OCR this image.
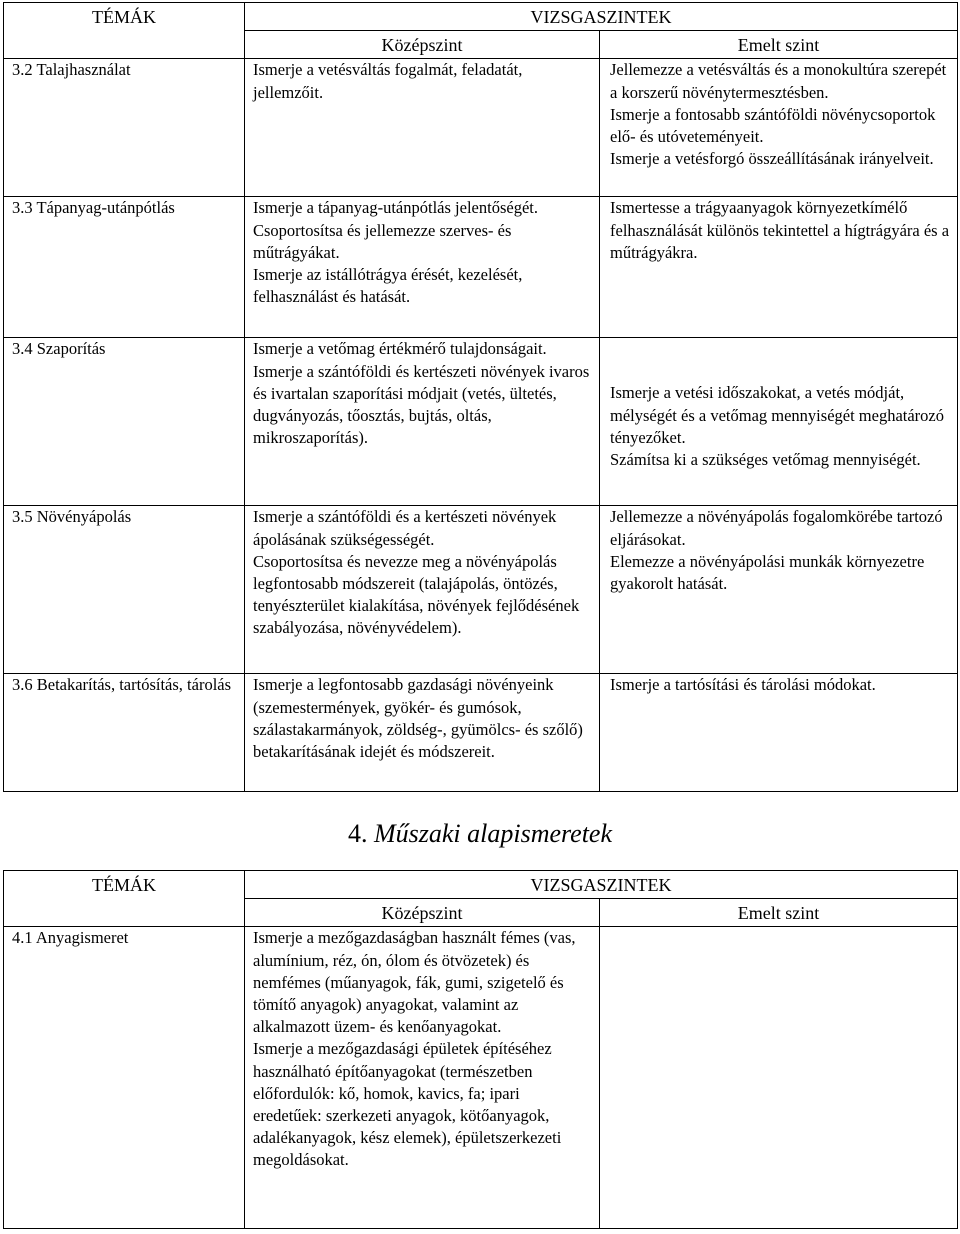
TÉMÁK	VIZSGASZINTEK	
	Középszint	Emelt szint
3.2 Talajhasználat	Ismerje a vetésváltás fogalmát, feladatát, jellemzőit.	Jellemezze a vetésváltás és a monokultúra szerepét a korszerű növénytermesztésben.
Ismerje a fontosabb szántóföldi növénycsoportok elő- és utóveteményeit.
Ismerje a vetésforgó összeállításának irányelveit.

3.3 Tápanyag-utánpótlás	Ismerje a tápanyag-utánpótlás jelentőségét.
Csoportosítsa és jellemezze szerves- és műtrágyákat.
Ismerje az istállótrágya érését, kezelését, felhasználást és hatását.	Ismertesse a trágyaanyagok környezetkímélő felhasználását különös tekintettel a hígtrágyára és a műtrágyákra.

3.4 Szaporítás	Ismerje a vetőmag értékmérő tulajdonságait.
Ismerje a szántóföldi és kertészeti növények ivaros és ivartalan szaporítási módjait (vetés, ültetés, dugványozás, tőosztás, bujtás, oltás, mikroszaporítás).	Ismerje a vetési időszakokat, a vetés módját, mélységét és a vetőmag mennyiségét meghatározó tényezőket.
Számítsa ki a szükséges vetőmag mennyiségét.

3.5 Növényápolás	Ismerje a szántóföldi és a kertészeti növények ápolásának szükségességét.
Csoportosítsa és nevezze meg a növényápolás legfontosabb módszereit (talajápolás, öntözés, tenyészterület kialakítása, növények fejlődésének szabályozása, növényvédelem).	Jellemezze a növényápolás fogalomkörébe tartozó eljárásokat.
Elemezze a növényápolási munkák környezetre gyakorolt hatását.

3.6 Betakarítás, tartósítás, tárolás	Ismerje a legfontosabb gazdasági növényeink (szemestermények, gyökér- és gumósok, szálastakarmányok, zöldség-, gyümölcs- és szőlő) betakarításának idejét és módszereit.	Ismerje a tartósítási és tárolási módokat.
4. Műszaki alapismeretek
TÉMÁK	VIZSGASZINTEK	
	Középszint	Emelt szint
4.1 Anyagismeret	Ismerje a mezőgazdaságban használt fémes (vas, alumínium, réz, ón, ólom és ötvözetek) és nemfémes (műanyagok, fák, gumi, szigetelő és tömítő anyagok) anyagokat, valamint az alkalmazott üzem- és kenőanyagokat.
Ismerje a mezőgazdasági épületek építéséhez használható építőanyagokat (természetben előfordulók: kő, homok, kavics, fa; ipari eredetűek: szerkezeti anyagok, kötőanyagok, adalékanyagok, kész elemek), épületszerkezeti megoldásokat.	
